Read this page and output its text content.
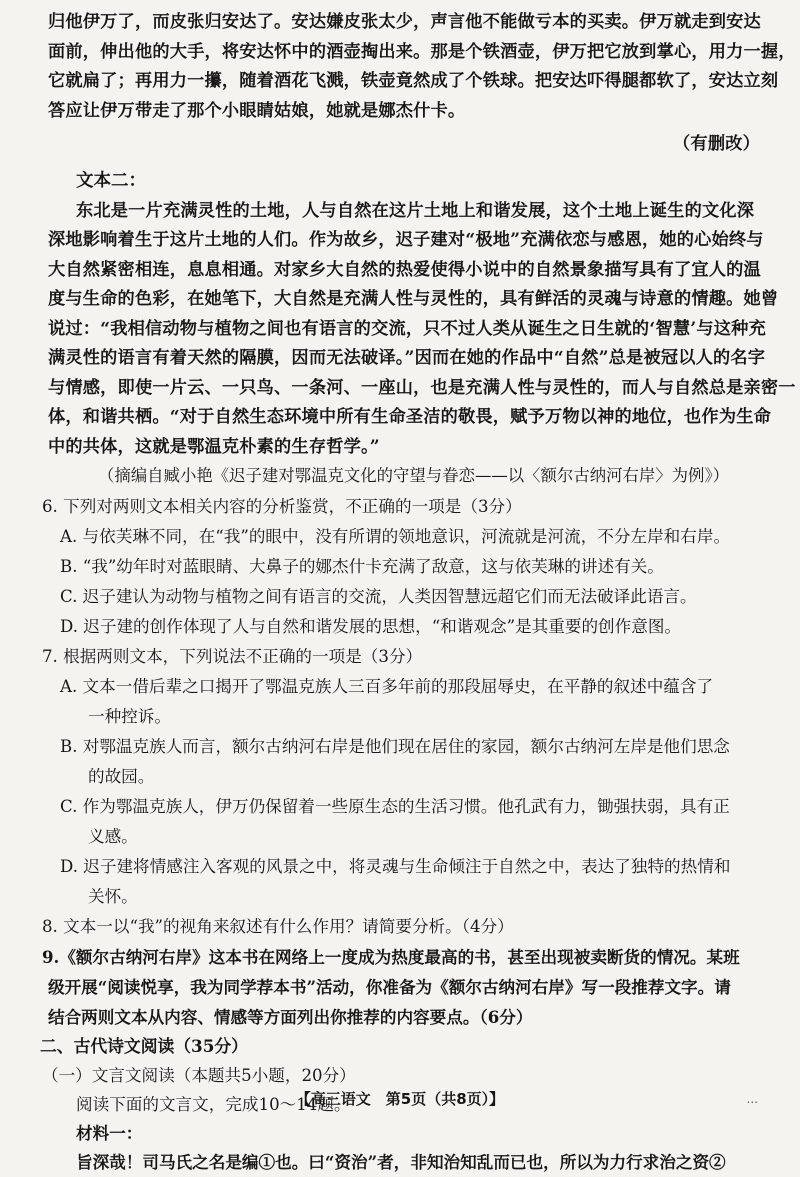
归他伊万了，而皮张归安达了。安达嫌皮张太少，声言他不能做亏本的买卖。伊万就走到安达
面前，伸出他的大手，将安达怀中的酒壶掏出来。那是个铁酒壶，伊万把它放到掌心，用力一握，
它就扁了；再用力一攥，随着酒花飞溅，铁壶竟然成了个铁球。把安达吓得腿都软了，安达立刻
答应让伊万带走了那个小眼睛姑娘，她就是娜杰什卡。
（有删改）
文本二：
东北是一片充满灵性的土地，人与自然在这片土地上和谐发展，这个土地上诞生的文化深
深地影响着生于这片土地的人们。作为故乡，迟子建对“极地”充满依恋与感恩，她的心始终与
大自然紧密相连，息息相通。对家乡大自然的热爱使得小说中的自然景象描写具有了宜人的温
度与生命的色彩，在她笔下，大自然是充满人性与灵性的，具有鲜活的灵魂与诗意的情趣。她曾
说过：“我相信动物与植物之间也有语言的交流，只不过人类从诞生之日生就的‘智慧’与这种充
满灵性的语言有着天然的隔膜，因而无法破译。”因而在她的作品中“自然”总是被冠以人的名字
与情感，即使一片云、一只鸟、一条河、一座山，也是充满人性与灵性的，而人与自然总是亲密一
体，和谐共栖。“对于自然生态环境中所有生命圣洁的敬畏，赋予万物以神的地位，也作为生命
中的共体，这就是鄂温克朴素的生存哲学。”
（摘编自臧小艳《迟子建对鄂温克文化的守望与眷恋——以〈额尔古纳河右岸〉为例》）
6. 下列对两则文本相关内容的分析鉴赏，不正确的一项是（3分）
A. 与依芙琳不同，在“我”的眼中，没有所谓的领地意识，河流就是河流，不分左岸和右岸。
B. “我”幼年时对蓝眼睛、大鼻子的娜杰什卡充满了敌意，这与依芙琳的讲述有关。
C. 迟子建认为动物与植物之间有语言的交流，人类因智慧远超它们而无法破译此语言。
D. 迟子建的创作体现了人与自然和谐发展的思想，“和谐观念”是其重要的创作意图。
7. 根据两则文本，下列说法不正确的一项是（3分）
A. 文本一借后辈之口揭开了鄂温克族人三百多年前的那段屈辱史，在平静的叙述中蕴含了
一种控诉。
B. 对鄂温克族人而言，额尔古纳河右岸是他们现在居住的家园，额尔古纳河左岸是他们思念
的故园。
C. 作为鄂温克族人，伊万仍保留着一些原生态的生活习惯。他孔武有力，锄强扶弱，具有正
义感。
D. 迟子建将情感注入客观的风景之中，将灵魂与生命倾注于自然之中，表达了独特的热情和
关怀。
8. 文本一以“我”的视角来叙述有什么作用？请简要分析。（4分）
9.《额尔古纳河右岸》这本书在网络上一度成为热度最高的书，甚至出现被卖断货的情况。某班
级开展“阅读悦享，我为同学荐本书”活动，你准备为《额尔古纳河右岸》写一段推荐文字。请
结合两则文本从内容、情感等方面列出你推荐的内容要点。（6分）
二、古代诗文阅读（35分）
（一）文言文阅读（本题共5小题，20分）
阅读下面的文言文，完成10～14题。
材料一：
旨深哉！司马氏之名是编①也。曰“资治”者，非知治知乱而已也，所以为力行求治之资②
【高三语文　第5页（共8页）】	...
